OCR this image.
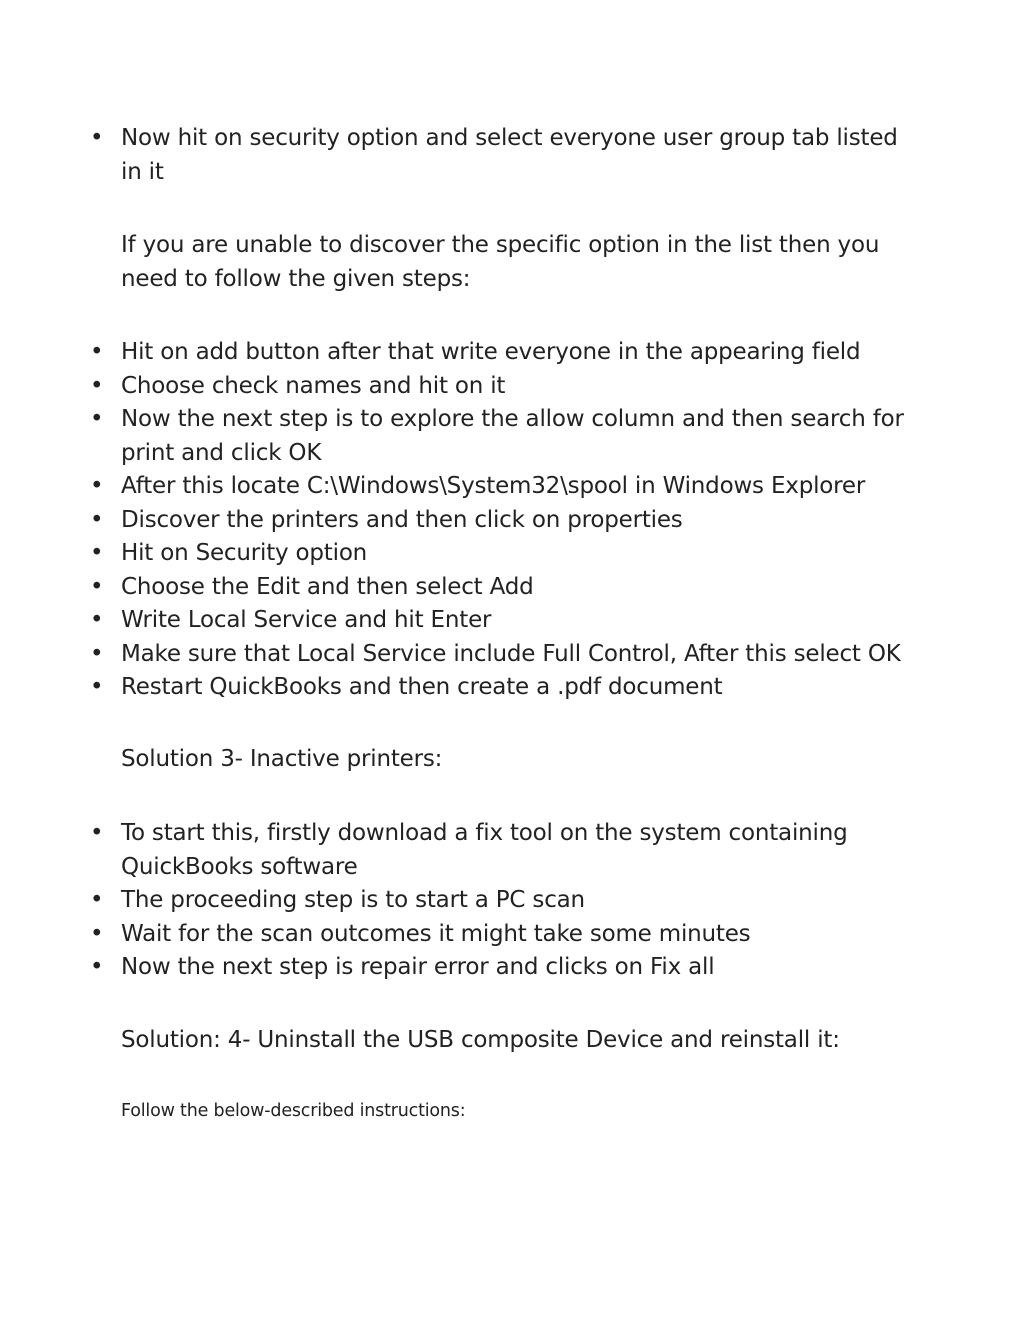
• Now hit on security option and select everyone user group tab listed in it
If you are unable to discover the specific option in the list then you need to follow the given steps:
• Hit on add button after that write everyone in the appearing field
• Choose check names and hit on it
• Now the next step is to explore the allow column and then search for print and click OK
• After this locate C:\Windows\System32\spool in Windows Explorer
• Discover the printers and then click on properties
• Hit on Security option
• Choose the Edit and then select Add
• Write Local Service and hit Enter
• Make sure that Local Service include Full Control, After this select OK
• Restart QuickBooks and then create a .pdf document
Solution 3- Inactive printers:
• To start this, firstly download a fix tool on the system containing QuickBooks software
• The proceeding step is to start a PC scan
• Wait for the scan outcomes it might take some minutes
• Now the next step is repair error and clicks on Fix all
Solution: 4- Uninstall the USB composite Device and reinstall it:
Follow the below-described instructions:
